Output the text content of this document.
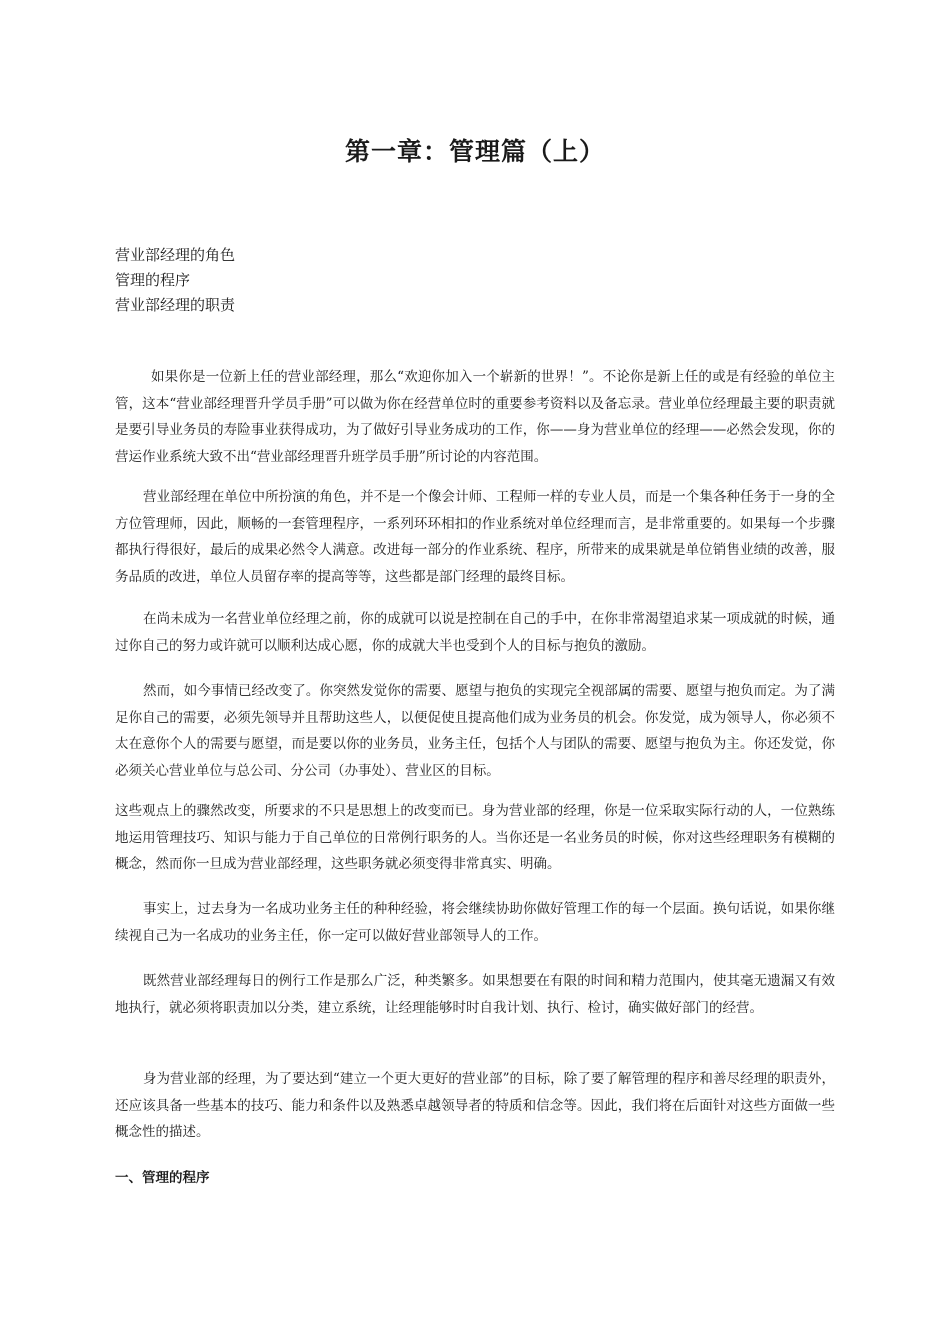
第一章：管理篇（上）
营业部经理的角色
管理的程序
营业部经理的职责
如果你是一位新上任的营业部经理，那么“欢迎你加入一个崭新的世界！”。不论你是新上任的或是有经验的单位主管，这本“营业部经理晋升学员手册”可以做为你在经营单位时的重要参考资料以及备忘录。营业单位经理最主要的职责就是要引导业务员的寿险事业获得成功，为了做好引导业务成功的工作，你——身为营业单位的经理——必然会发现，你的营运作业系统大致不出“营业部经理晋升班学员手册”所讨论的内容范围。
营业部经理在单位中所扮演的角色，并不是一个像会计师、工程师一样的专业人员，而是一个集各种任务于一身的全方位管理师，因此，顺畅的一套管理程序，一系列环环相扣的作业系统对单位经理而言，是非常重要的。如果每一个步骤都执行得很好，最后的成果必然令人满意。改进每一部分的作业系统、程序，所带来的成果就是单位销售业绩的改善，服务品质的改进，单位人员留存率的提高等等，这些都是部门经理的最终目标。
在尚未成为一名营业单位经理之前，你的成就可以说是控制在自己的手中，在你非常渴望追求某一项成就的时候，通过你自己的努力或许就可以顺利达成心愿，你的成就大半也受到个人的目标与抱负的激励。
然而，如今事情已经改变了。你突然发觉你的需要、愿望与抱负的实现完全视部属的需要、愿望与抱负而定。为了满足你自己的需要，必须先领导并且帮助这些人，以便促使且提高他们成为业务员的机会。你发觉，成为领导人，你必须不太在意你个人的需要与愿望，而是要以你的业务员，业务主任，包括个人与团队的需要、愿望与抱负为主。你还发觉，你必须关心营业单位与总公司、分公司（办事处）、营业区的目标。
这些观点上的骤然改变，所要求的不只是思想上的改变而已。身为营业部的经理，你是一位采取实际行动的人，一位熟练地运用管理技巧、知识与能力于自己单位的日常例行职务的人。当你还是一名业务员的时候，你对这些经理职务有模糊的概念，然而你一旦成为营业部经理，这些职务就必须变得非常真实、明确。
事实上，过去身为一名成功业务主任的种种经验，将会继续协助你做好管理工作的每一个层面。换句话说，如果你继续视自己为一名成功的业务主任，你一定可以做好营业部领导人的工作。
既然营业部经理每日的例行工作是那么广泛，种类繁多。如果想要在有限的时间和精力范围内，使其毫无遗漏又有效地执行，就必须将职责加以分类，建立系统，让经理能够时时自我计划、执行、检讨，确实做好部门的经营。
身为营业部的经理，为了要达到“建立一个更大更好的营业部”的目标，除了要了解管理的程序和善尽经理的职责外，还应该具备一些基本的技巧、能力和条件以及熟悉卓越领导者的特质和信念等。因此，我们将在后面针对这些方面做一些概念性的描述。
一、管理的程序
